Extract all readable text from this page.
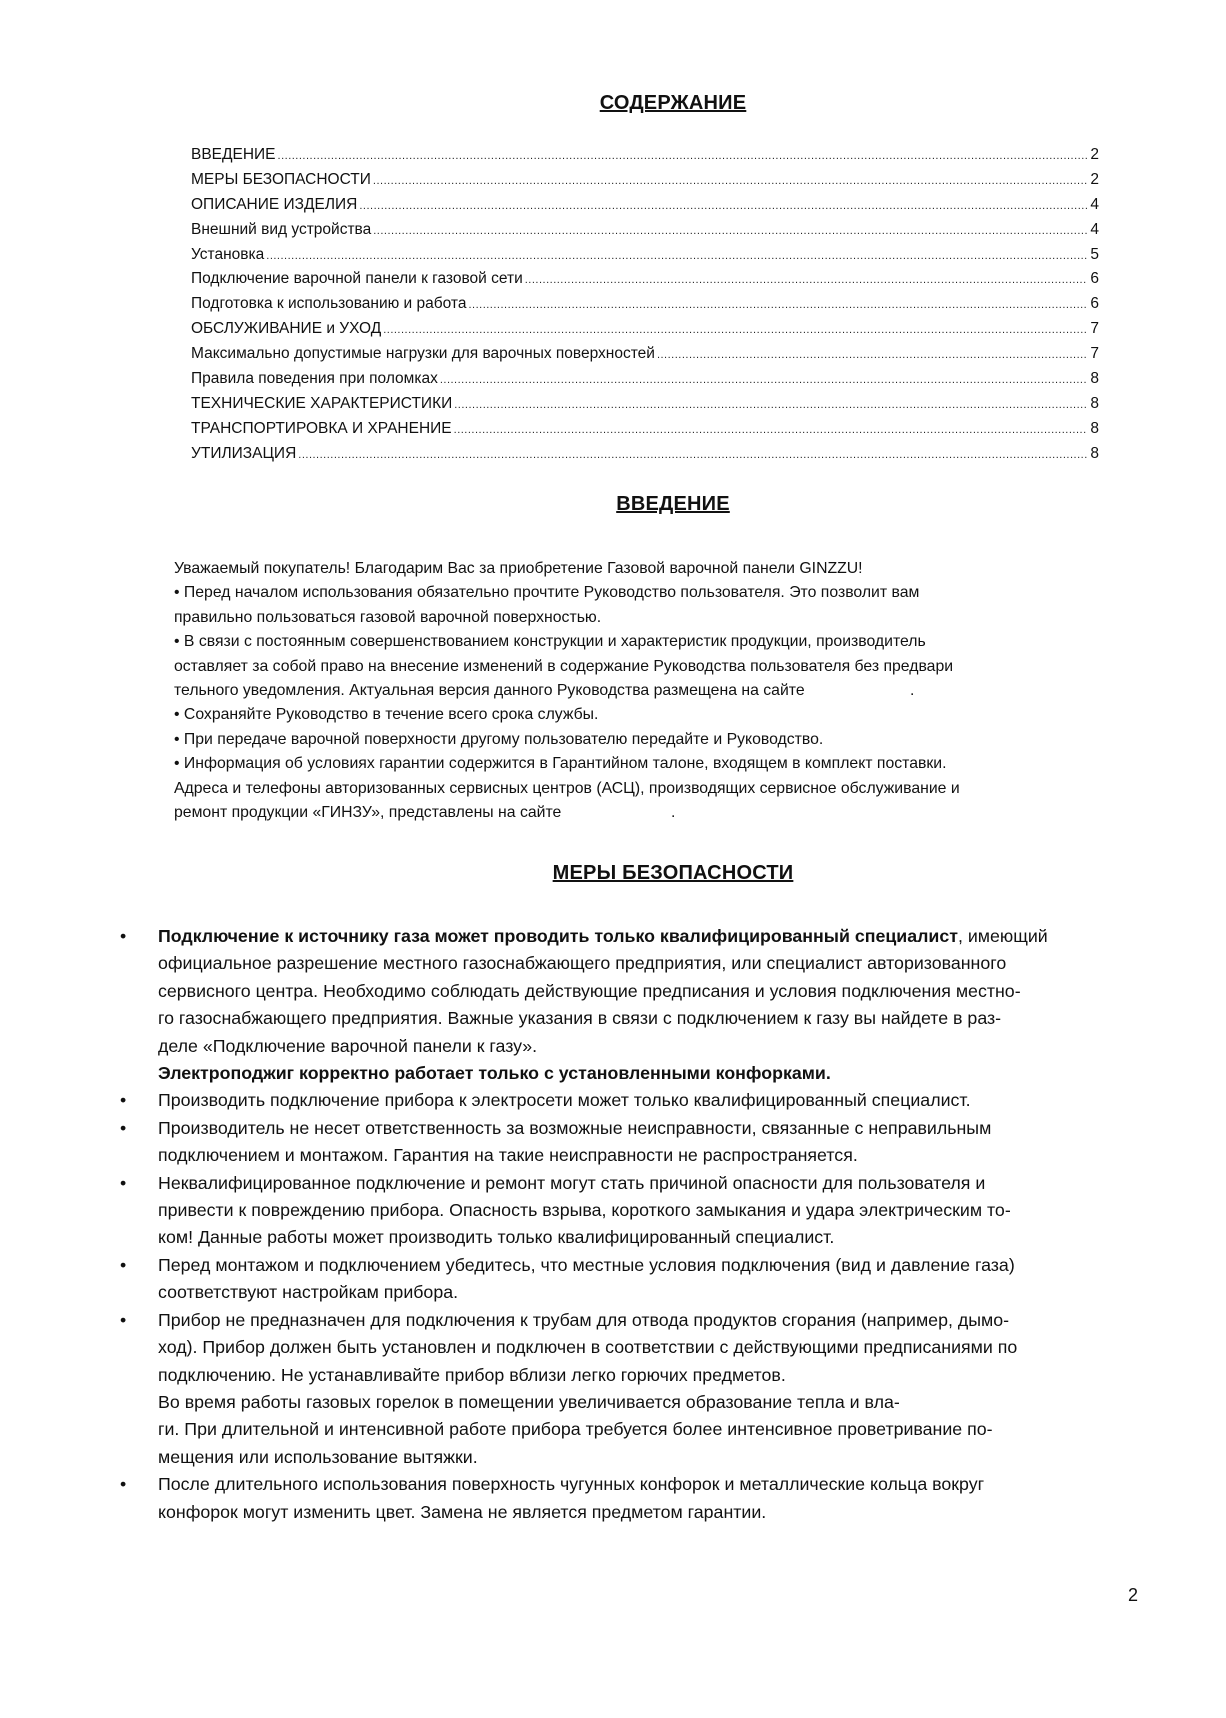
СОДЕРЖАНИЕ
ВВЕДЕНИЕ .....	2
МЕРЫ БЕЗОПАСНОСТИ .....	2
ОПИСАНИЕ ИЗДЕЛИЯ .....	4
Внешний вид устройства .....	4
Установка .....	5
Подключение варочной панели к газовой сети .....	6
Подготовка к использованию и работа .....	6
ОБСЛУЖИВАНИЕ и УХОД .....	7
Максимально допустимые нагрузки для варочных поверхностей .....	7
Правила поведения при поломках .....	8
ТЕХНИЧЕСКИЕ ХАРАКТЕРИСТИКИ .....	8
ТРАНСПОРТИРОВКА И ХРАНЕНИЕ .....	8
УТИЛИЗАЦИЯ .....	8
ВВЕДЕНИЕ

Уважаемый покупатель! Благодарим Вас за приобретение Газовой варочной панели GINZZU!

• Перед началом использования обязательно прочтите Руководство пользователя. Это позволит вам

правильно пользоваться газовой варочной поверхностью.

• В связи с постоянным совершенствованием конструкции и характеристик продукции, производитель

оставляет за собой право на внесение изменений в содержание Руководства пользователя без предвари

тельного уведомления. Актуальная версия данного Руководства размещена на сайте                        .

• Сохраняйте Руководство в течение всего срока службы.

• При передаче варочной поверхности другому пользователю передайте и Руководство.

• Информация об условиях гарантии содержится в Гарантийном талоне, входящем в комплект поставки.

Адреса и телефоны авторизованных сервисных центров (АСЦ), производящих сервисное обслуживание и

ремонт продукции «ГИНЗУ», представлены на сайте                         .

МЕРЫ БЕЗОПАСНОСТИ
• Подключение к источнику газа может проводить только квалифицированный специалист, имеющий
официальное разрешение местного газоснабжающего предприятия, или специалист авторизованного
сервисного центра. Необходимо соблюдать действующие предписания и условия подключения местно-
го газоснабжающего предприятия. Важные указания в связи с подключением к газу вы найдете в раз-
деле «Подключение варочной панели к газу».
Электроподжиг корректно работает только с установленными конфорками.
• Производить подключение прибора к электросети может только квалифицированный специалист.
• Производитель не несет ответственность за возможные неисправности, связанные с неправильным
подключением и монтажом. Гарантия на такие неисправности не распространяется.
• Неквалифицированное подключение и ремонт могут стать причиной опасности для пользователя и
привести к повреждению прибора. Опасность взрыва, короткого замыкания и удара электрическим то-
ком! Данные работы может производить только квалифицированный специалист.
• Перед монтажом и подключением убедитесь, что местные условия подключения (вид и давление газа)
соответствуют настройкам прибора.
• Прибор не предназначен для подключения к трубам для отвода продуктов сгорания (например, дымо-
ход). Прибор должен быть установлен и подключен в соответствии с действующими предписаниями по
подключению. Не устанавливайте прибор вблизи легко горючих предметов.
Во время работы газовых горелок в помещении увеличивается образование тепла и вла-
ги. При длительной и интенсивной работе прибора требуется более интенсивное проветривание по-
мещения или использование вытяжки.
• После длительного использования поверхность чугунных конфорок и металлические кольца вокруг
конфорок могут изменить цвет. Замена не является предметом гарантии.
2
